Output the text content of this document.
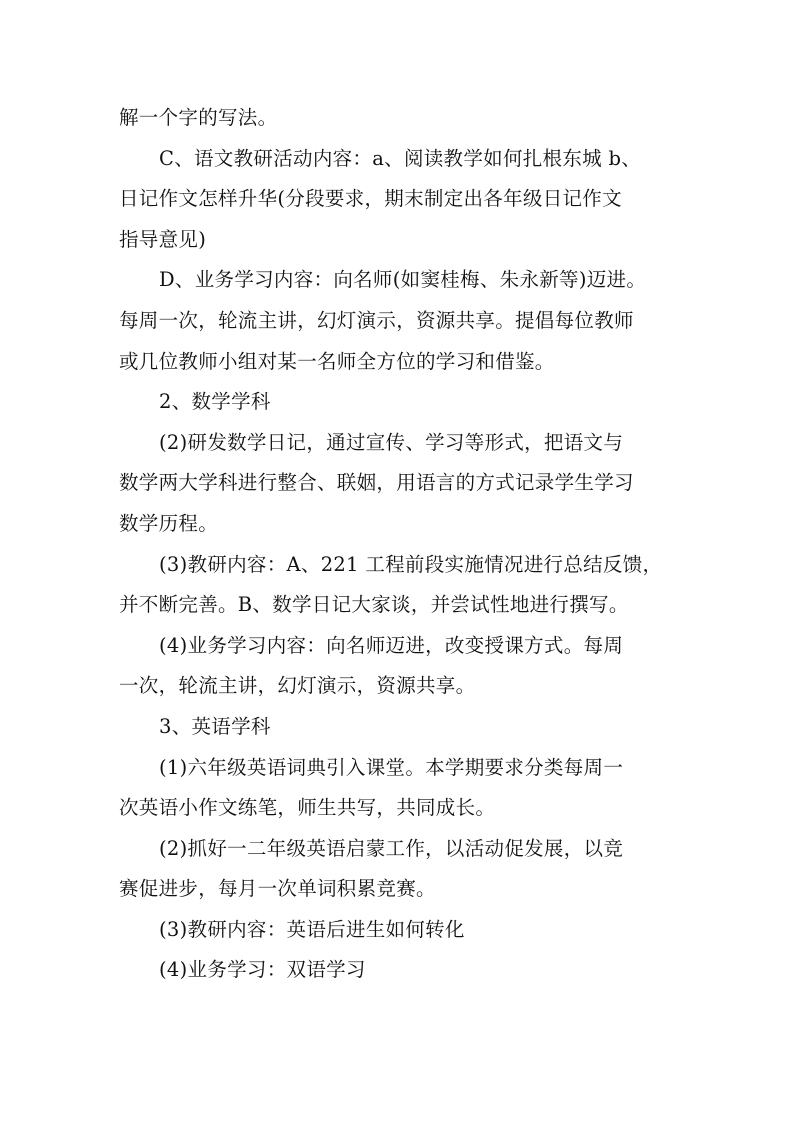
解一个字的写法。

C、语文教研活动内容：a、阅读教学如何扎根东城 b、
日记作文怎样升华(分段要求，期末制定出各年级日记作文
指导意见)

D、业务学习内容：向名师(如窦桂梅、朱永新等)迈进。
每周一次，轮流主讲，幻灯演示，资源共享。提倡每位教师
或几位教师小组对某一名师全方位的学习和借鉴。

2、数学学科

(2)研发数学日记，通过宣传、学习等形式，把语文与
数学两大学科进行整合、联姻，用语言的方式记录学生学习
数学历程。

(3)教研内容：A、221 工程前段实施情况进行总结反馈，
并不断完善。B、数学日记大家谈，并尝试性地进行撰写。

(4)业务学习内容：向名师迈进，改变授课方式。每周
一次，轮流主讲，幻灯演示，资源共享。

3、英语学科

(1)六年级英语词典引入课堂。本学期要求分类每周一
次英语小作文练笔，师生共写，共同成长。

(2)抓好一二年级英语启蒙工作，以活动促发展，以竞
赛促进步，每月一次单词积累竞赛。

(3)教研内容：英语后进生如何转化

(4)业务学习：双语学习
